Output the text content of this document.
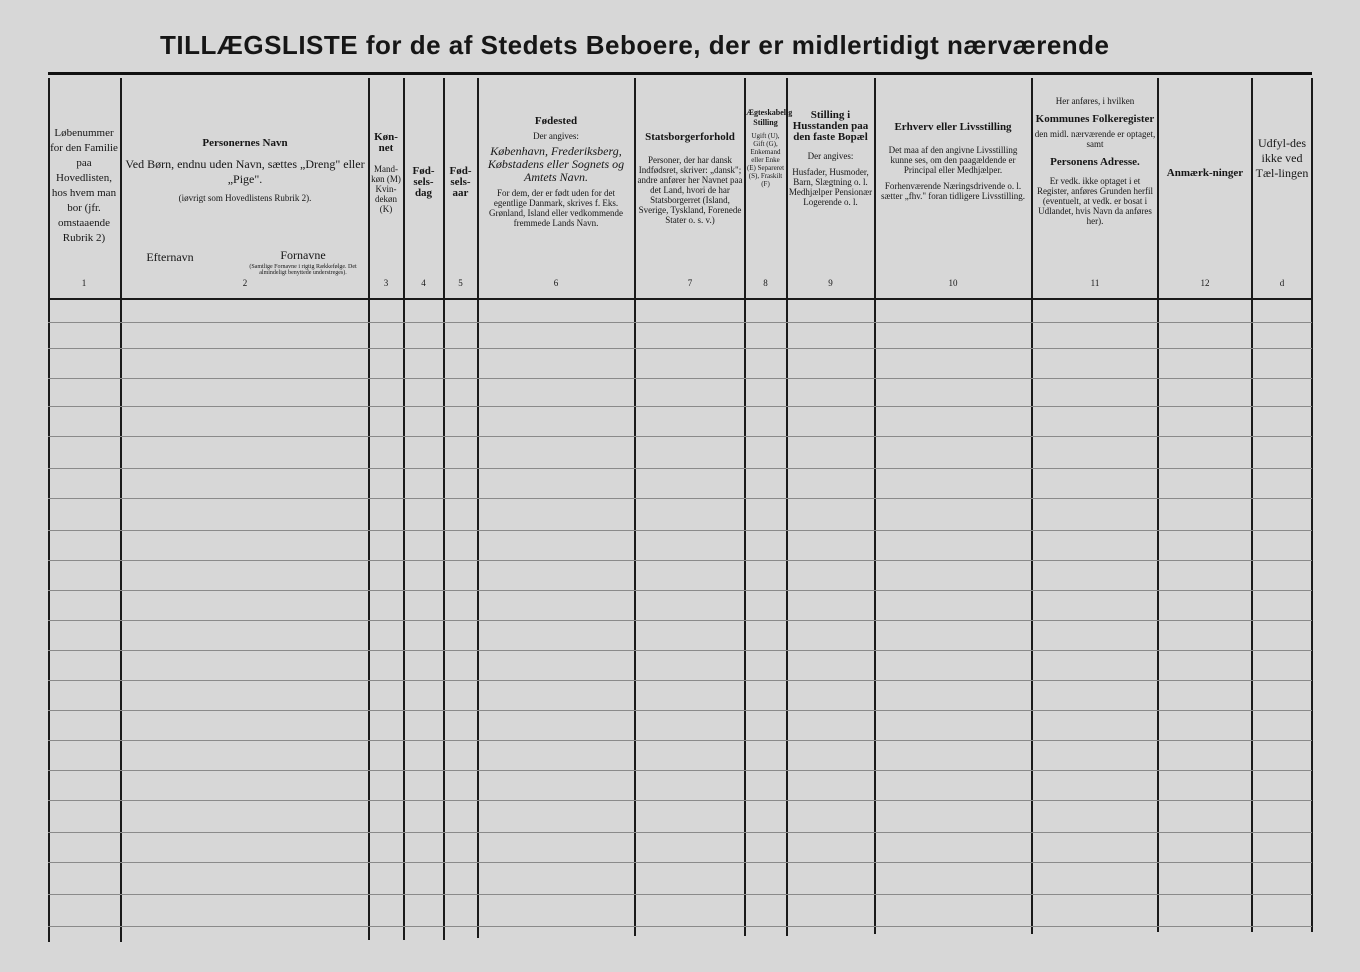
TILLÆGSLISTE for de af Stedets Beboere, der er midlertidigt nærværende
Løbenummer for den Familie paa Hovedlisten, hos hvem man bor (jfr. omstaaende Rubrik 2)
1
Personernes Navn
Ved Børn, endnu uden Navn, sættes „Dreng" eller „Pige".
(iøvrigt som Hovedlistens Rubrik 2).
Efternavn	Fornavne
(Samtlige Fornavne i rigtig Rækkefølge. Det almindeligt benyttede understreges).
2
Køn-net
Mand-køn (M) Kvin-dekøn (K)
3
Fød-sels-dag
4
Fød-sels-aar
5
Fødested
Der angives:
København, Frederiksberg, Købstadens eller Sognets og Amtets Navn.
For dem, der er født uden for det egentlige Danmark, skrives f. Eks. Grønland, Island eller vedkommende fremmede Lands Navn.
6
Statsborgerforhold
Personer, der har dansk Indfødsret, skriver: „dansk"; andre anfører her Navnet paa det Land, hvori de har Statsborgerret (Island, Sverige, Tyskland, Forenede Stater o. s. v.)
7
Ægteskabelig Stilling
Ugift (U), Gift (G), Enkemand eller Enke (E) Separeret (S), Fraskilt (F)
8
Stilling i Husstanden paa den faste Bopæl
Der angives:
Husfader, Husmoder, Barn, Slægtning o. l. Medhjælper Pensionær Logerende o. l.
9
Erhverv eller Livsstilling
Det maa af den angivne Livsstilling kunne ses, om den paagældende er Principal eller Medhjælper.
Forhenværende Næringsdrivende o. l. sætter „fhv." foran tidligere Livsstilling.
10
Her anføres, i hvilken
Kommunes Folkeregister
den midl. nærværende er optaget, samt
Personens Adresse.
Er vedk. ikke optaget i et Register, anføres Grunden herfil (eventuelt, at vedk. er bosat i Udlandet, hvis Navn da anføres her).
11
Anmærk-ninger
12
Udfyl-des ikke ved Tæl-lingen
d
